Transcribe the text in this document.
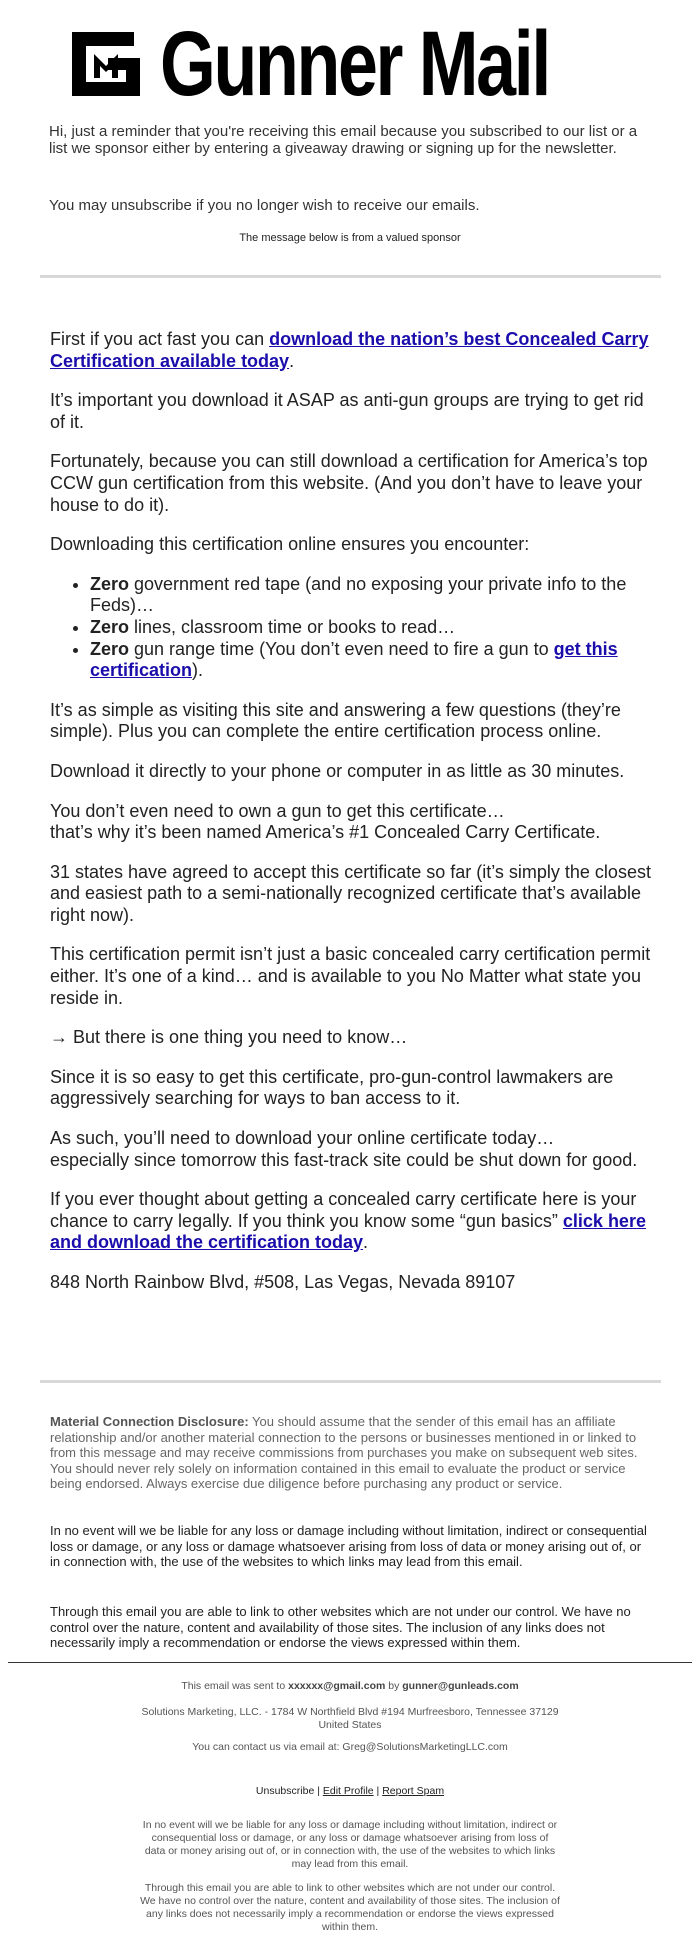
Gunner Mail
Hi, just a reminder that you're receiving this email because you subscribed to our list or a list we sponsor either by entering a giveaway drawing or signing up for the newsletter.
You may unsubscribe if you no longer wish to receive our emails.
The message below is from a valued sponsor

First if you act fast you can download the nation’s best Concealed Carry Certification available today.

It’s important you download it ASAP as anti-gun groups are trying to get rid of it.

Fortunately, because you can still download a certification for America’s top CCW gun certification from this website. (And you don’t have to leave your house to do it).

Downloading this certification online ensures you encounter:

• Zero government red tape (and no exposing your private info to the Feds)…
• Zero lines, classroom time or books to read…
• Zero gun range time (You don’t even need to fire a gun to get this certification).

It’s as simple as visiting this site and answering a few questions (they’re simple). Plus you can complete the entire certification process online.

Download it directly to your phone or computer in as little as 30 minutes.

You don’t even need to own a gun to get this certificate…
that’s why it’s been named America’s #1 Concealed Carry Certificate.

31 states have agreed to accept this certificate so far (it’s simply the closest and easiest path to a semi-nationally recognized certificate that’s available right now).

This certification permit isn’t just a basic concealed carry certification permit either. It’s one of a kind… and is available to you No Matter what state you reside in.

→ But there is one thing you need to know…

Since it is so easy to get this certificate, pro-gun-control lawmakers are aggressively searching for ways to ban access to it.

As such, you’ll need to download your online certificate today…
especially since tomorrow this fast-track site could be shut down for good.

If you ever thought about getting a concealed carry certificate here is your chance to carry legally. If you think you know some “gun basics” click here and download the certification today.

848 North Rainbow Blvd, #508, Las Vegas, Nevada 89107

Material Connection Disclosure: You should assume that the sender of this email has an affiliate relationship and/or another material connection to the persons or businesses mentioned in or linked to from this message and may receive commissions from purchases you make on subsequent web sites. You should never rely solely on information contained in this email to evaluate the product or service being endorsed. Always exercise due diligence before purchasing any product or service.

In no event will we be liable for any loss or damage including without limitation, indirect or consequential loss or damage, or any loss or damage whatsoever arising from loss of data or money arising out of, or in connection with, the use of the websites to which links may lead from this email.
Through this email you are able to link to other websites which are not under our control. We have no control over the nature, content and availability of those sites. The inclusion of any links does not necessarily imply a recommendation or endorse the views expressed within them.
This email was sent to xxxxxx@gmail.com by gunner@gunleads.com
Solutions Marketing, LLC. - 1784 W Northfield Blvd #194 Murfreesboro, Tennessee 37129 United States
You can contact us via email at: Greg@SolutionsMarketingLLC.com
Unsubscribe | Edit Profile | Report Spam
In no event will we be liable for any loss or damage including without limitation, indirect or consequential loss or damage, or any loss or damage whatsoever arising from loss of data or money arising out of, or in connection with, the use of the websites to which links may lead from this email.
Through this email you are able to link to other websites which are not under our control. We have no control over the nature, content and availability of those sites. The inclusion of any links does not necessarily imply a recommendation or endorse the views expressed within them.
